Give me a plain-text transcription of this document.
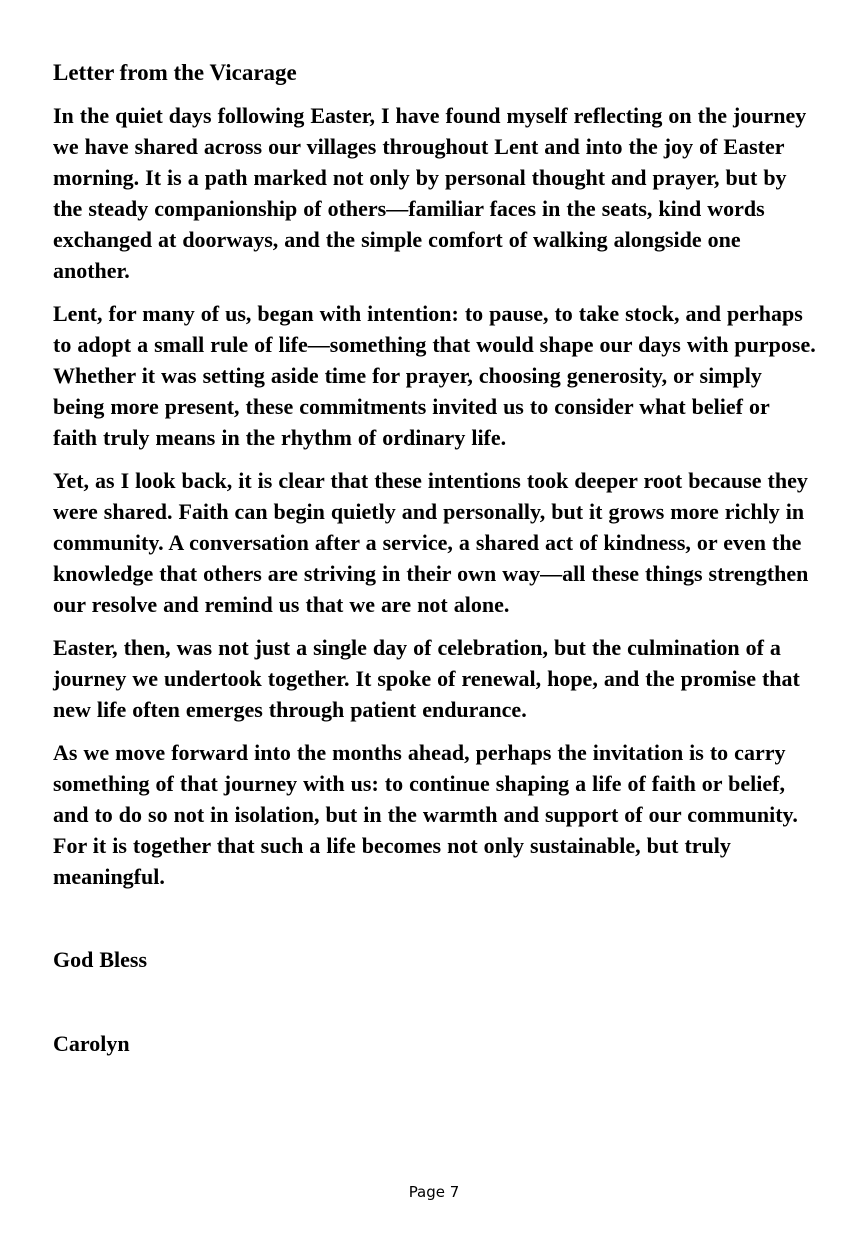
Letter from the Vicarage

In the quiet days following Easter, I have found myself reflecting on the journey we have shared across our villages throughout Lent and into the joy of Easter morning. It is a path marked not only by personal thought and prayer, but by the steady companionship of others—familiar faces in the seats, kind words exchanged at doorways, and the simple comfort of walking alongside one another.

Lent, for many of us, began with intention: to pause, to take stock, and perhaps to adopt a small rule of life—something that would shape our days with purpose. Whether it was setting aside time for prayer, choosing generosity, or simply being more present, these commitments invited us to consider what belief or faith truly means in the rhythm of ordinary life.

Yet, as I look back, it is clear that these intentions took deeper root because they were shared. Faith can begin quietly and personally, but it grows more richly in community. A conversation after a service, a shared act of kindness, or even the knowledge that others are striving in their own way—all these things strengthen our resolve and remind us that we are not alone.

Easter, then, was not just a single day of celebration, but the culmination of a journey we undertook together. It spoke of renewal, hope, and the promise that new life often emerges through patient endurance.

As we move forward into the months ahead, perhaps the invitation is to carry something of that journey with us: to continue shaping a life of faith or belief, and to do so not in isolation, but in the warmth and support of our community. For it is together that such a life becomes not only sustainable, but truly meaningful.

God Bless

Carolyn

Page 7
